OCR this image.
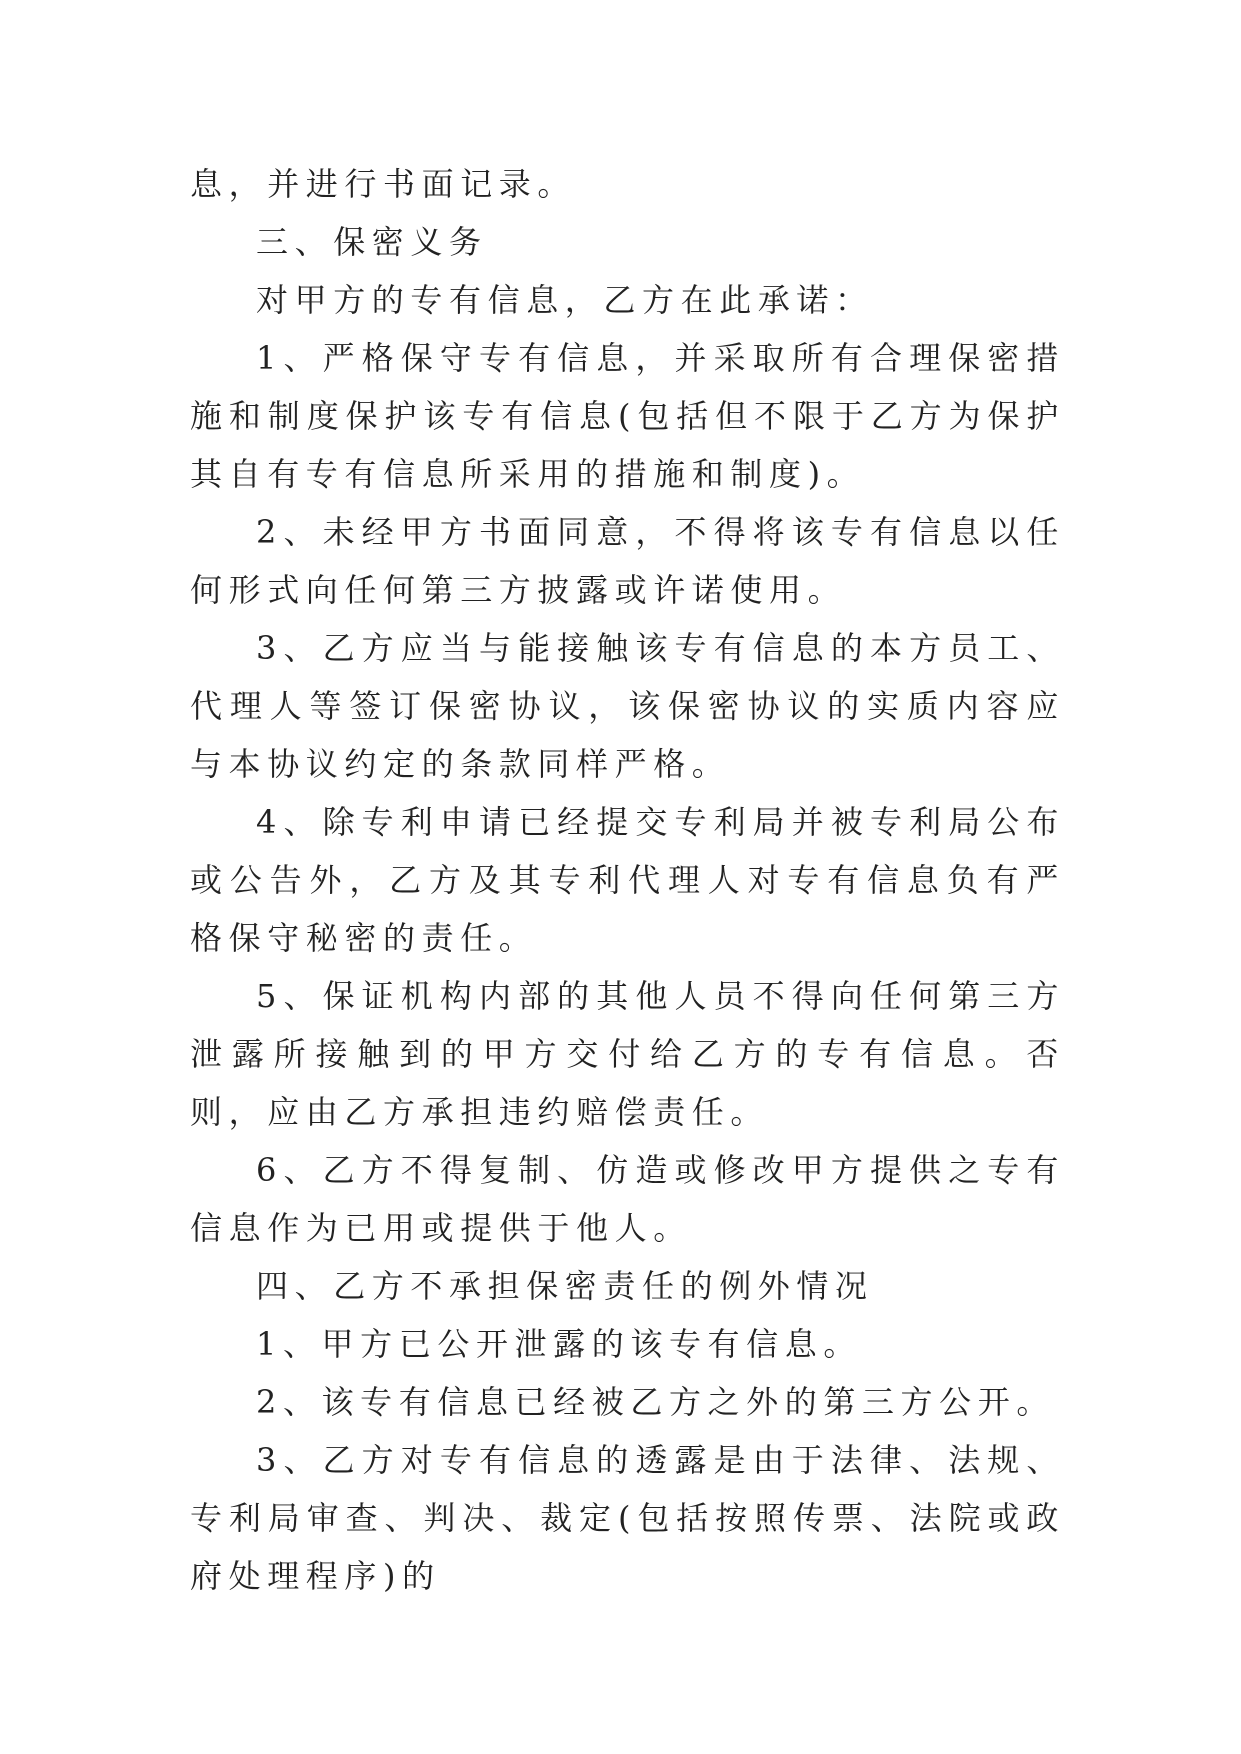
息，并进行书面记录。

三、保密义务

对甲方的专有信息，乙方在此承诺：

1、严格保守专有信息，并采取所有合理保密措施和制度保护该专有信息(包括但不限于乙方为保护其自有专有信息所采用的措施和制度)。

2、未经甲方书面同意，不得将该专有信息以任何形式向任何第三方披露或许诺使用。

3、乙方应当与能接触该专有信息的本方员工、代理人等签订保密协议，该保密协议的实质内容应与本协议约定的条款同样严格。

4、除专利申请已经提交专利局并被专利局公布或公告外，乙方及其专利代理人对专有信息负有严格保守秘密的责任。

5、保证机构内部的其他人员不得向任何第三方泄露所接触到的甲方交付给乙方的专有信息。否则，应由乙方承担违约赔偿责任。

6、乙方不得复制、仿造或修改甲方提供之专有信息作为已用或提供于他人。

四、乙方不承担保密责任的例外情况

1、甲方已公开泄露的该专有信息。

2、该专有信息已经被乙方之外的第三方公开。

3、乙方对专有信息的透露是由于法律、法规、专利局审查、判决、裁定(包括按照传票、法院或政府处理程序)的
